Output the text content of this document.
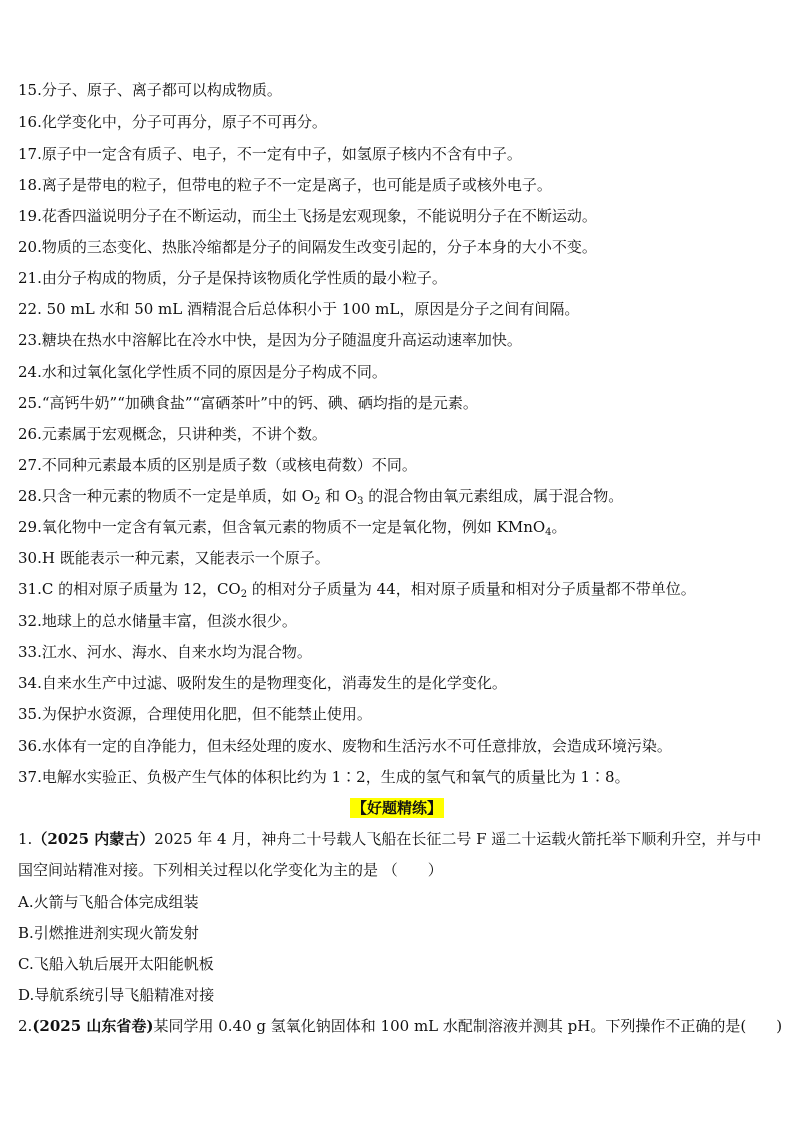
15.分子、原子、离子都可以构成物质。
16.化学变化中，分子可再分，原子不可再分。
17.原子中一定含有质子、电子，不一定有中子，如氢原子核内不含有中子。
18.离子是带电的粒子，但带电的粒子不一定是离子，也可能是质子或核外电子。
19.花香四溢说明分子在不断运动，而尘土飞扬是宏观现象，不能说明分子在不断运动。
20.物质的三态变化、热胀冷缩都是分子的间隔发生改变引起的，分子本身的大小不变。
21.由分子构成的物质，分子是保持该物质化学性质的最小粒子。
22. 50 mL 水和 50 mL 酒精混合后总体积小于 100 mL，原因是分子之间有间隔。
23.糖块在热水中溶解比在冷水中快，是因为分子随温度升高运动速率加快。
24.水和过氧化氢化学性质不同的原因是分子构成不同。
25.“高钙牛奶”“加碘食盐”“富硒茶叶”中的钙、碘、硒均指的是元素。
26.元素属于宏观概念，只讲种类，不讲个数。
27.不同种元素最本质的区别是质子数（或核电荷数）不同。
28.只含一种元素的物质不一定是单质，如 $O_2$ 和 $O_3$ 的混合物由氧元素组成，属于混合物。
29.氧化物中一定含有氧元素，但含氧元素的物质不一定是氧化物，例如 KMnO$_4$。
30.H 既能表示一种元素，又能表示一个原子。
31.C 的相对原子质量为 12，$CO_2$ 的相对分子质量为 44，相对原子质量和相对分子质量都不带单位。
32.地球上的总水储量丰富，但淡水很少。
33.江水、河水、海水、自来水均为混合物。
34.自来水生产中过滤、吸附发生的是物理变化，消毒发生的是化学变化。
35.为保护水资源，合理使用化肥，但不能禁止使用。
36.水体有一定的自净能力，但未经处理的废水、废物和生活污水不可任意排放，会造成环境污染。
37.电解水实验正、负极产生气体的体积比约为 1∶2，生成的氢气和氧气的质量比为 1∶8。
【好题精练】
1.（2025 内蒙古）2025 年 4 月，神舟二十号载人飞船在长征二号 F 遥二十运载火箭托举下顺利升空，并与中
国空间站精准对接。下列相关过程以化学变化为主的是 （　　）
A.火箭与飞船合体完成组装
B.引燃推进剂实现火箭发射
C.飞船入轨后展开太阳能帆板
D.导航系统引导飞船精准对接
2.(2025 山东省卷)某同学用 0.40 g 氢氧化钠固体和 100 mL 水配制溶液并测其 pH。下列操作不正确的是(　　)
